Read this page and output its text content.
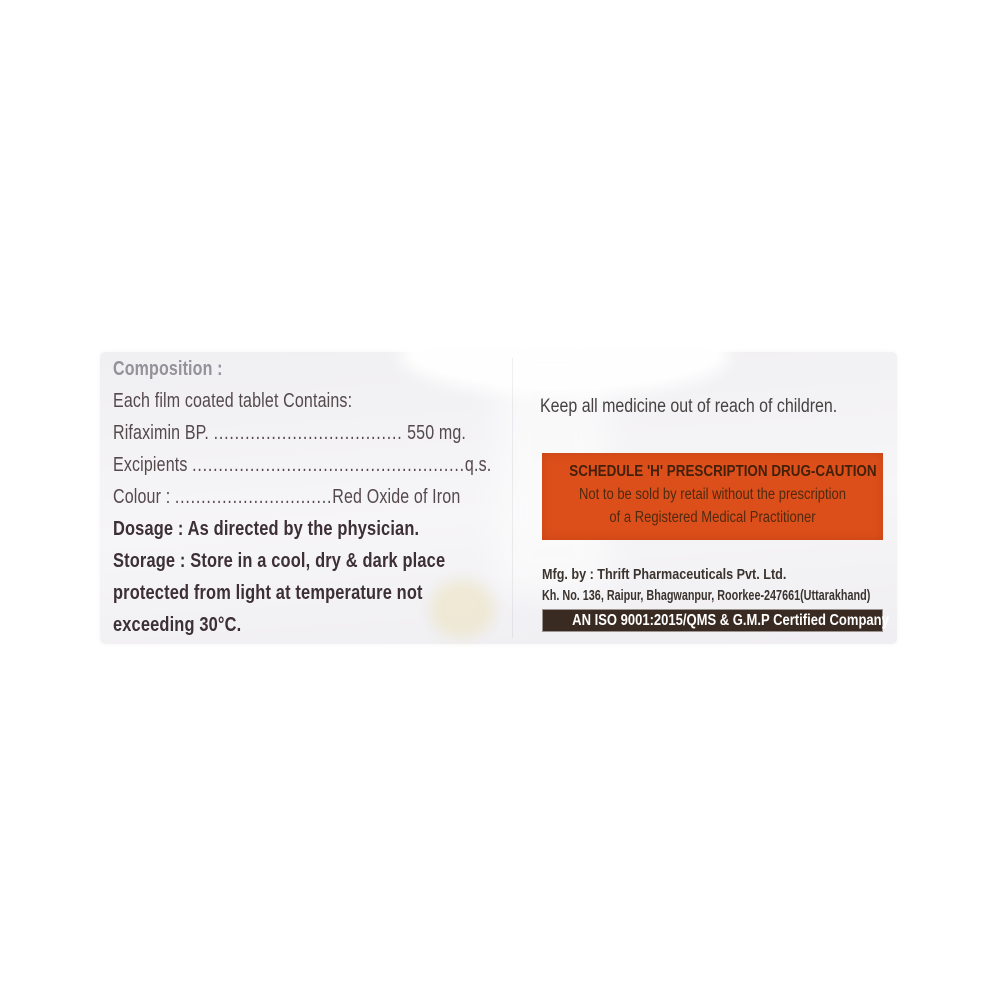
Composition :
Each film coated tablet Contains:
Rifaximin BP. .................................... 550 mg.
Excipients ....................................................q.s.
Colour : ..............................Red Oxide of Iron
Dosage : As directed by the physician.
Storage : Store in a cool, dry & dark place
protected from light at temperature not
exceeding 30°C.
Keep all medicine out of reach of children.
SCHEDULE 'H' PRESCRIPTION DRUG-CAUTION
Not to be sold by retail without the prescription
of a Registered Medical Practitioner
Mfg. by : Thrift Pharmaceuticals Pvt. Ltd.
Kh. No. 136, Raipur, Bhagwanpur, Roorkee-247661(Uttarakhand)
AN ISO 9001:2015/QMS & G.M.P Certified Company
